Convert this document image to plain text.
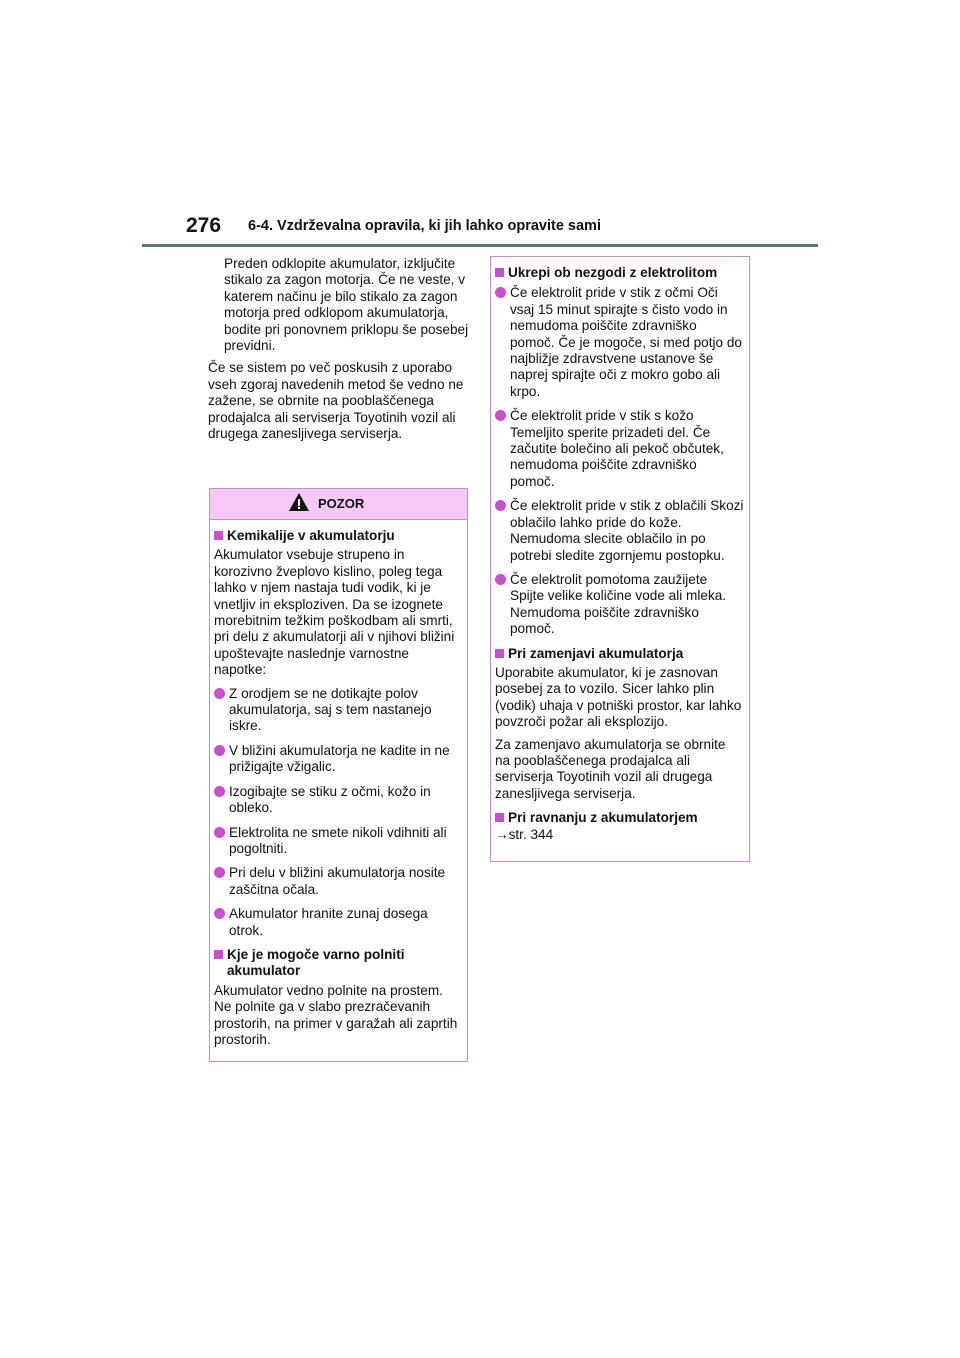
276 6-4. Vzdrževalna opravila, ki jih lahko opravite sami

Preden odklopite akumulator, izključite stikalo za zagon motorja. Če ne veste, v katerem načinu je bilo stikalo za zagon motorja pred odklopom akumulatorja, bodite pri ponovnem priklopu še posebej previdni.

Če se sistem po več poskusih z uporabo vseh zgoraj navedenih metod še vedno ne zažene, se obrnite na pooblaščenega prodajalca ali serviserja Toyotinih vozil ali drugega zanesljivega serviserja.

POZOR
Kemikalije v akumulatorju

Akumulator vsebuje strupeno in korozivno žveplovo kislino, poleg tega lahko v njem nastaja tudi vodik, ki je vnetljiv in eksploziven. Da se izognete morebitnim težkim poškodbam ali smrti, pri delu z akumulatorji ali v njihovi bližini upoštevajte naslednje varnostne napotke:

Z orodjem se ne dotikajte polov akumulatorja, saj s tem nastanejo iskre.
V bližini akumulatorja ne kadite in ne prižigajte vžigalic.
Izogibajte se stiku z očmi, kožo in obleko.
Elektrolita ne smete nikoli vdihniti ali pogoltniti.
Pri delu v bližini akumulatorja nosite zaščitna očala.
Akumulator hranite zunaj dosega otrok.
Kje je mogoče varno polniti akumulator

Akumulator vedno polnite na prostem. Ne polnite ga v slabo prezračevanih prostorih, na primer v garažah ali zaprtih prostorih.

Ukrepi ob nezgodi z elektrolitom
Če elektrolit pride v stik z očmi Oči vsaj 15 minut spirajte s čisto vodo in nemudoma poiščite zdravniško pomoč. Če je mogoče, si med potjo do najbližje zdravstvene ustanove še naprej spirajte oči z mokro gobo ali krpo.
Če elektrolit pride v stik s kožo Temeljito sperite prizadeti del. Če začutite bolečino ali pekoč občutek, nemudoma poiščite zdravniško pomoč.
Če elektrolit pride v stik z oblačili Skozi oblačilo lahko pride do kože. Nemudoma slecite oblačilo in po potrebi sledite zgornjemu postopku.
Če elektrolit pomotoma zaužijete Spijte velike količine vode ali mleka. Nemudoma poiščite zdravniško pomoč.
Pri zamenjavi akumulatorja

Uporabite akumulator, ki je zasnovan posebej za to vozilo. Sicer lahko plin (vodik) uhaja v potniški prostor, kar lahko povzroči požar ali eksplozijo.

Za zamenjavo akumulatorja se obrnite na pooblaščenega prodajalca ali serviserja Toyotinih vozil ali drugega zanesljivega serviserja.

Pri ravnanju z akumulatorjem

→str. 344
